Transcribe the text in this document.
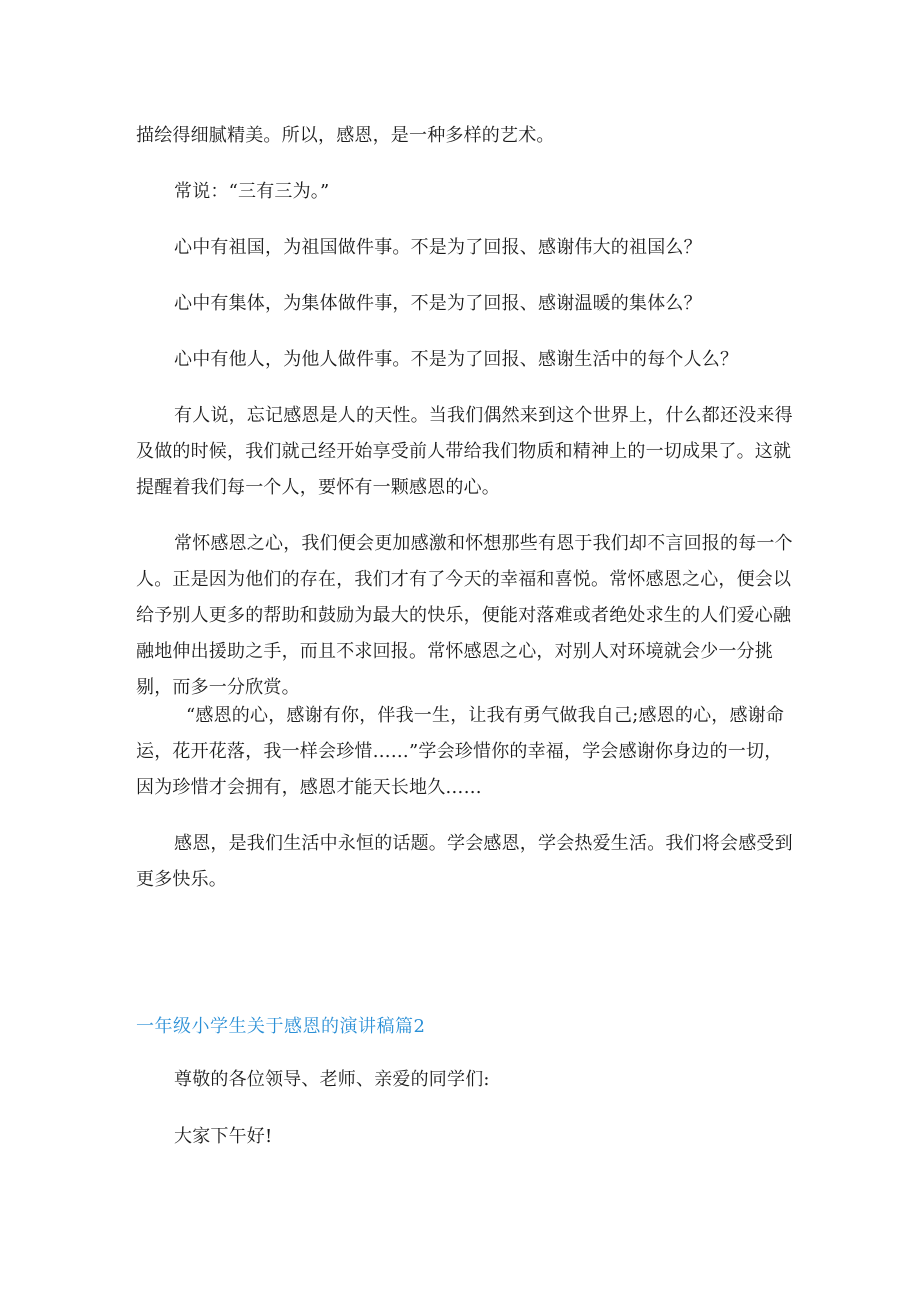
描绘得细腻精美。所以，感恩，是一种多样的艺术。

常说：“三有三为。”

心中有祖国，为祖国做件事。不是为了回报、感谢伟大的祖国么？

心中有集体，为集体做件事，不是为了回报、感谢温暖的集体么？

心中有他人，为他人做件事。不是为了回报、感谢生活中的每个人么？

有人说，忘记感恩是人的天性。当我们偶然来到这个世界上，什么都还没来得及做的时候，我们就己经开始享受前人带给我们物质和精神上的一切成果了。这就提醒着我们每一个人，要怀有一颗感恩的心。

常怀感恩之心，我们便会更加感激和怀想那些有恩于我们却不言回报的每一个人。正是因为他们的存在，我们才有了今天的幸福和喜悦。常怀感恩之心，便会以给予别人更多的帮助和鼓励为最大的快乐，便能对落难或者绝处求生的人们爱心融融地伸出援助之手，而且不求回报。常怀感恩之心，对别人对环境就会少一分挑剔，而多一分欣赏。

“感恩的心，感谢有你，伴我一生，让我有勇气做我自己;感恩的心，感谢命运，花开花落，我一样会珍惜……”学会珍惜你的幸福，学会感谢你身边的一切，因为珍惜才会拥有，感恩才能天长地久……

感恩，是我们生活中永恒的话题。学会感恩，学会热爱生活。我们将会感受到更多快乐。

一年级小学生关于感恩的演讲稿篇2

尊敬的各位领导、老师、亲爱的同学们:

大家下午好!
